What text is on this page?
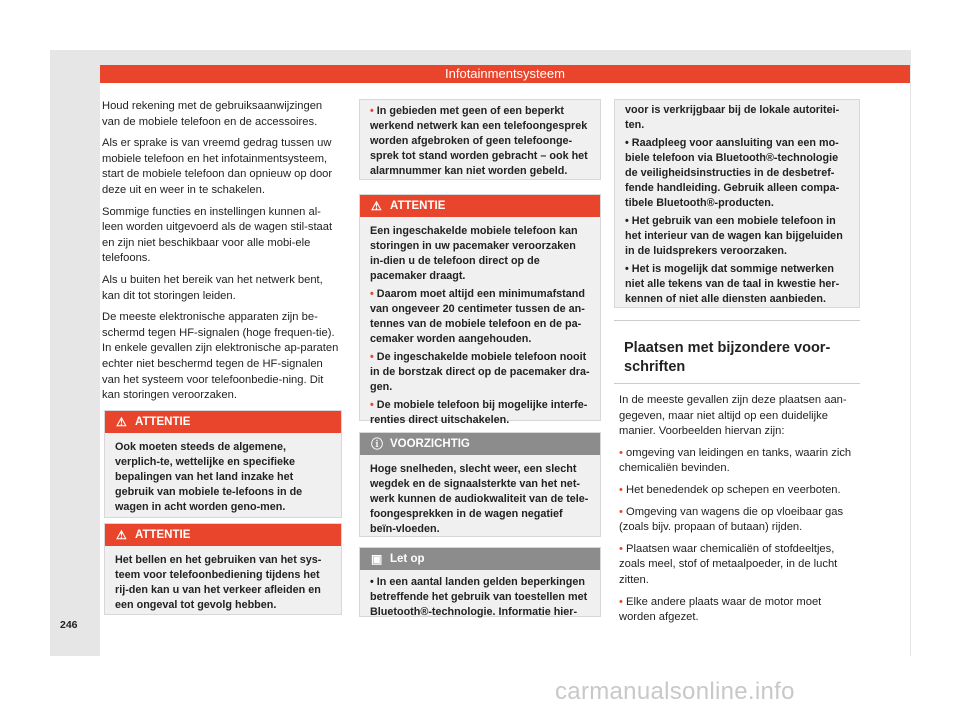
Infotainmentsysteem

Houd rekening met de gebruiksaanwijzingen van de mobiele telefoon en de accessoires.

Als er sprake is van vreemd gedrag tussen uw mobiele telefoon en het infotainmentsysteem, start de mobiele telefoon dan opnieuw op door deze uit en weer in te schakelen.

Sommige functies en instellingen kunnen al-leen worden uitgevoerd als de wagen stil-staat en zijn niet beschikbaar voor alle mobi-ele telefoons.

Als u buiten het bereik van het netwerk bent, kan dit tot storingen leiden.

De meeste elektronische apparaten zijn be-schermd tegen HF-signalen (hoge frequen-tie). In enkele gevallen zijn elektronische ap-paraten echter niet beschermd tegen de HF-signalen van het systeem voor telefoonbedie-ning. Dit kan storingen veroorzaken.

⚠ ATTENTIE

Ook moeten steeds de algemene, verplich-te, wettelijke en specifieke bepalingen van het land inzake het gebruik van mobiele te-lefoons in de wagen in acht worden geno-men.

⚠ ATTENTIE

Het bellen en het gebruiken van het sys-teem voor telefoonbediening tijdens het rij-den kan u van het verkeer afleiden en een ongeval tot gevolg hebben.

246

• In gebieden met geen of een beperkt werkend netwerk kan een telefoongesprek worden afgebroken of geen telefoonge-sprek tot stand worden gebracht – ook het alarmnummer kan niet worden gebeld.

⚠ ATTENTIE

Een ingeschakelde mobiele telefoon kan storingen in uw pacemaker veroorzaken in-dien u de telefoon direct op de pacemaker draagt.

• Daarom moet altijd een minimumafstand van ongeveer 20 centimeter tussen de an-tennes van de mobiele telefoon en de pa-cemaker worden aangehouden.

• De ingeschakelde mobiele telefoon nooit in de borstzak direct op de pacemaker dra-gen.

• De mobiele telefoon bij mogelijke interfe-renties direct uitschakelen.

ⓘ VOORZICHTIG

Hoge snelheden, slecht weer, een slecht wegdek en de signaalsterkte van het net-werk kunnen de audiokwaliteit van de tele-foongesprekken in de wagen negatief beïn-vloeden.

▣ Let op

• In een aantal landen gelden beperkingen betreffende het gebruik van toestellen met Bluetooth®-technologie. Informatie hier-

voor is verkrijgbaar bij de lokale autoritei-ten.

• Raadpleeg voor aansluiting van een mo-biele telefoon via Bluetooth®-technologie de veiligheidsinstructies in de desbetref-fende handleiding. Gebruik alleen compa-tibele Bluetooth®-producten.

• Het gebruik van een mobiele telefoon in het interieur van de wagen kan bijgeluiden in de luidsprekers veroorzaken.

• Het is mogelijk dat sommige netwerken niet alle tekens van de taal in kwestie her-kennen of niet alle diensten aanbieden.

Plaatsen met bijzondere voor-schriften

In de meeste gevallen zijn deze plaatsen aan-gegeven, maar niet altijd op een duidelijke manier. Voorbeelden hiervan zijn:

• omgeving van leidingen en tanks, waarin zich chemicaliën bevinden.

• Het benedendek op schepen en veerboten.

• Omgeving van wagens die op vloeibaar gas (zoals bijv. propaan of butaan) rijden.

• Plaatsen waar chemicaliën of stofdeeltjes, zoals meel, stof of metaalpoeder, in de lucht zitten.

• Elke andere plaats waar de motor moet worden afgezet.

carmanualsonline.info
